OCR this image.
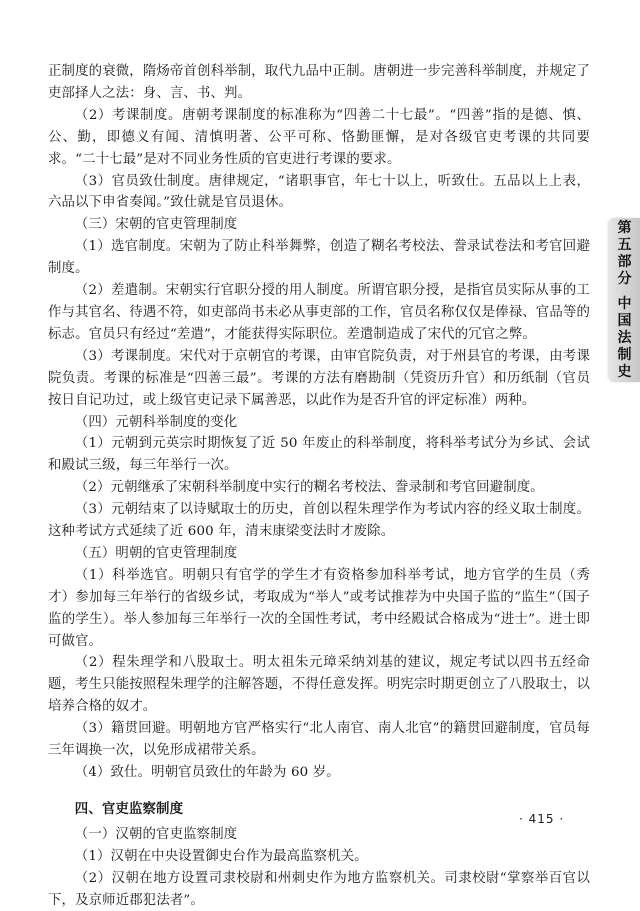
正制度的衰微，隋炀帝首创科举制，取代九品中正制。唐朝进一步完善科举制度，并规定了吏部择人之法：身、言、书、判。

（2）考课制度。唐朝考课制度的标准称为“四善二十七最”。“四善”指的是德、慎、公、勤，即德义有闻、清慎明著、公平可称、恪勤匪懈，是对各级官吏考课的共同要求。“二十七最”是对不同业务性质的官吏进行考课的要求。

（3）官员致仕制度。唐律规定，“诸职事官，年七十以上，听致仕。五品以上上表，六品以下申省奏闻。”致仕就是官员退休。

（三）宋朝的官吏管理制度

（1）选官制度。宋朝为了防止科举舞弊，创造了糊名考校法、誊录试卷法和考官回避制度。

（2）差遣制。宋朝实行官职分授的用人制度。所谓官职分授，是指官员实际从事的工作与其官名、待遇不符，如吏部尚书未必从事吏部的工作，官员名称仅仅是俸禄、官品等的标志。官员只有经过“差遣”，才能获得实际职位。差遣制造成了宋代的冗官之弊。

（3）考课制度。宋代对于京朝官的考课，由审官院负责，对于州县官的考课，由考课院负责。考课的标准是“四善三最”。考课的方法有磨勘制（凭资历升官）和历纸制（官员按日自记功过，或上级官吏记录下属善恶，以此作为是否升官的评定标准）两种。

（四）元朝科举制度的变化

（1）元朝到元英宗时期恢复了近 50 年废止的科举制度，将科举考试分为乡试、会试和殿试三级，每三年举行一次。

（2）元朝继承了宋朝科举制度中实行的糊名考校法、誊录制和考官回避制度。

（3）元朝结束了以诗赋取士的历史，首创以程朱理学作为考试内容的经义取士制度。这种考试方式延续了近 600 年，清末康梁变法时才废除。

（五）明朝的官吏管理制度

（1）科举选官。明朝只有官学的学生才有资格参加科举考试，地方官学的生员（秀才）参加每三年举行的省级乡试，考取成为“举人”或考试推荐为中央国子监的“监生”（国子监的学生）。举人参加每三年举行一次的全国性考试，考中经殿试合格成为“进士”。进士即可做官。

（2）程朱理学和八股取士。明太祖朱元璋采纳刘基的建议，规定考试以四书五经命题，考生只能按照程朱理学的注解答题，不得任意发挥。明宪宗时期更创立了八股取士，以培养合格的奴才。

（3）籍贯回避。明朝地方官严格实行“北人南官、南人北官”的籍贯回避制度，官员每三年调换一次，以免形成裙带关系。

（4）致仕。明朝官员致仕的年龄为 60 岁。

四、官吏监察制度

（一）汉朝的官吏监察制度

（1）汉朝在中央设置御史台作为最高监察机关。

（2）汉朝在地方设置司隶校尉和州刺史作为地方监察机关。司隶校尉“掌察举百官以下，及京师近郡犯法者”。

第
五
部
分
中
国
法
制
史
· 415 ·
